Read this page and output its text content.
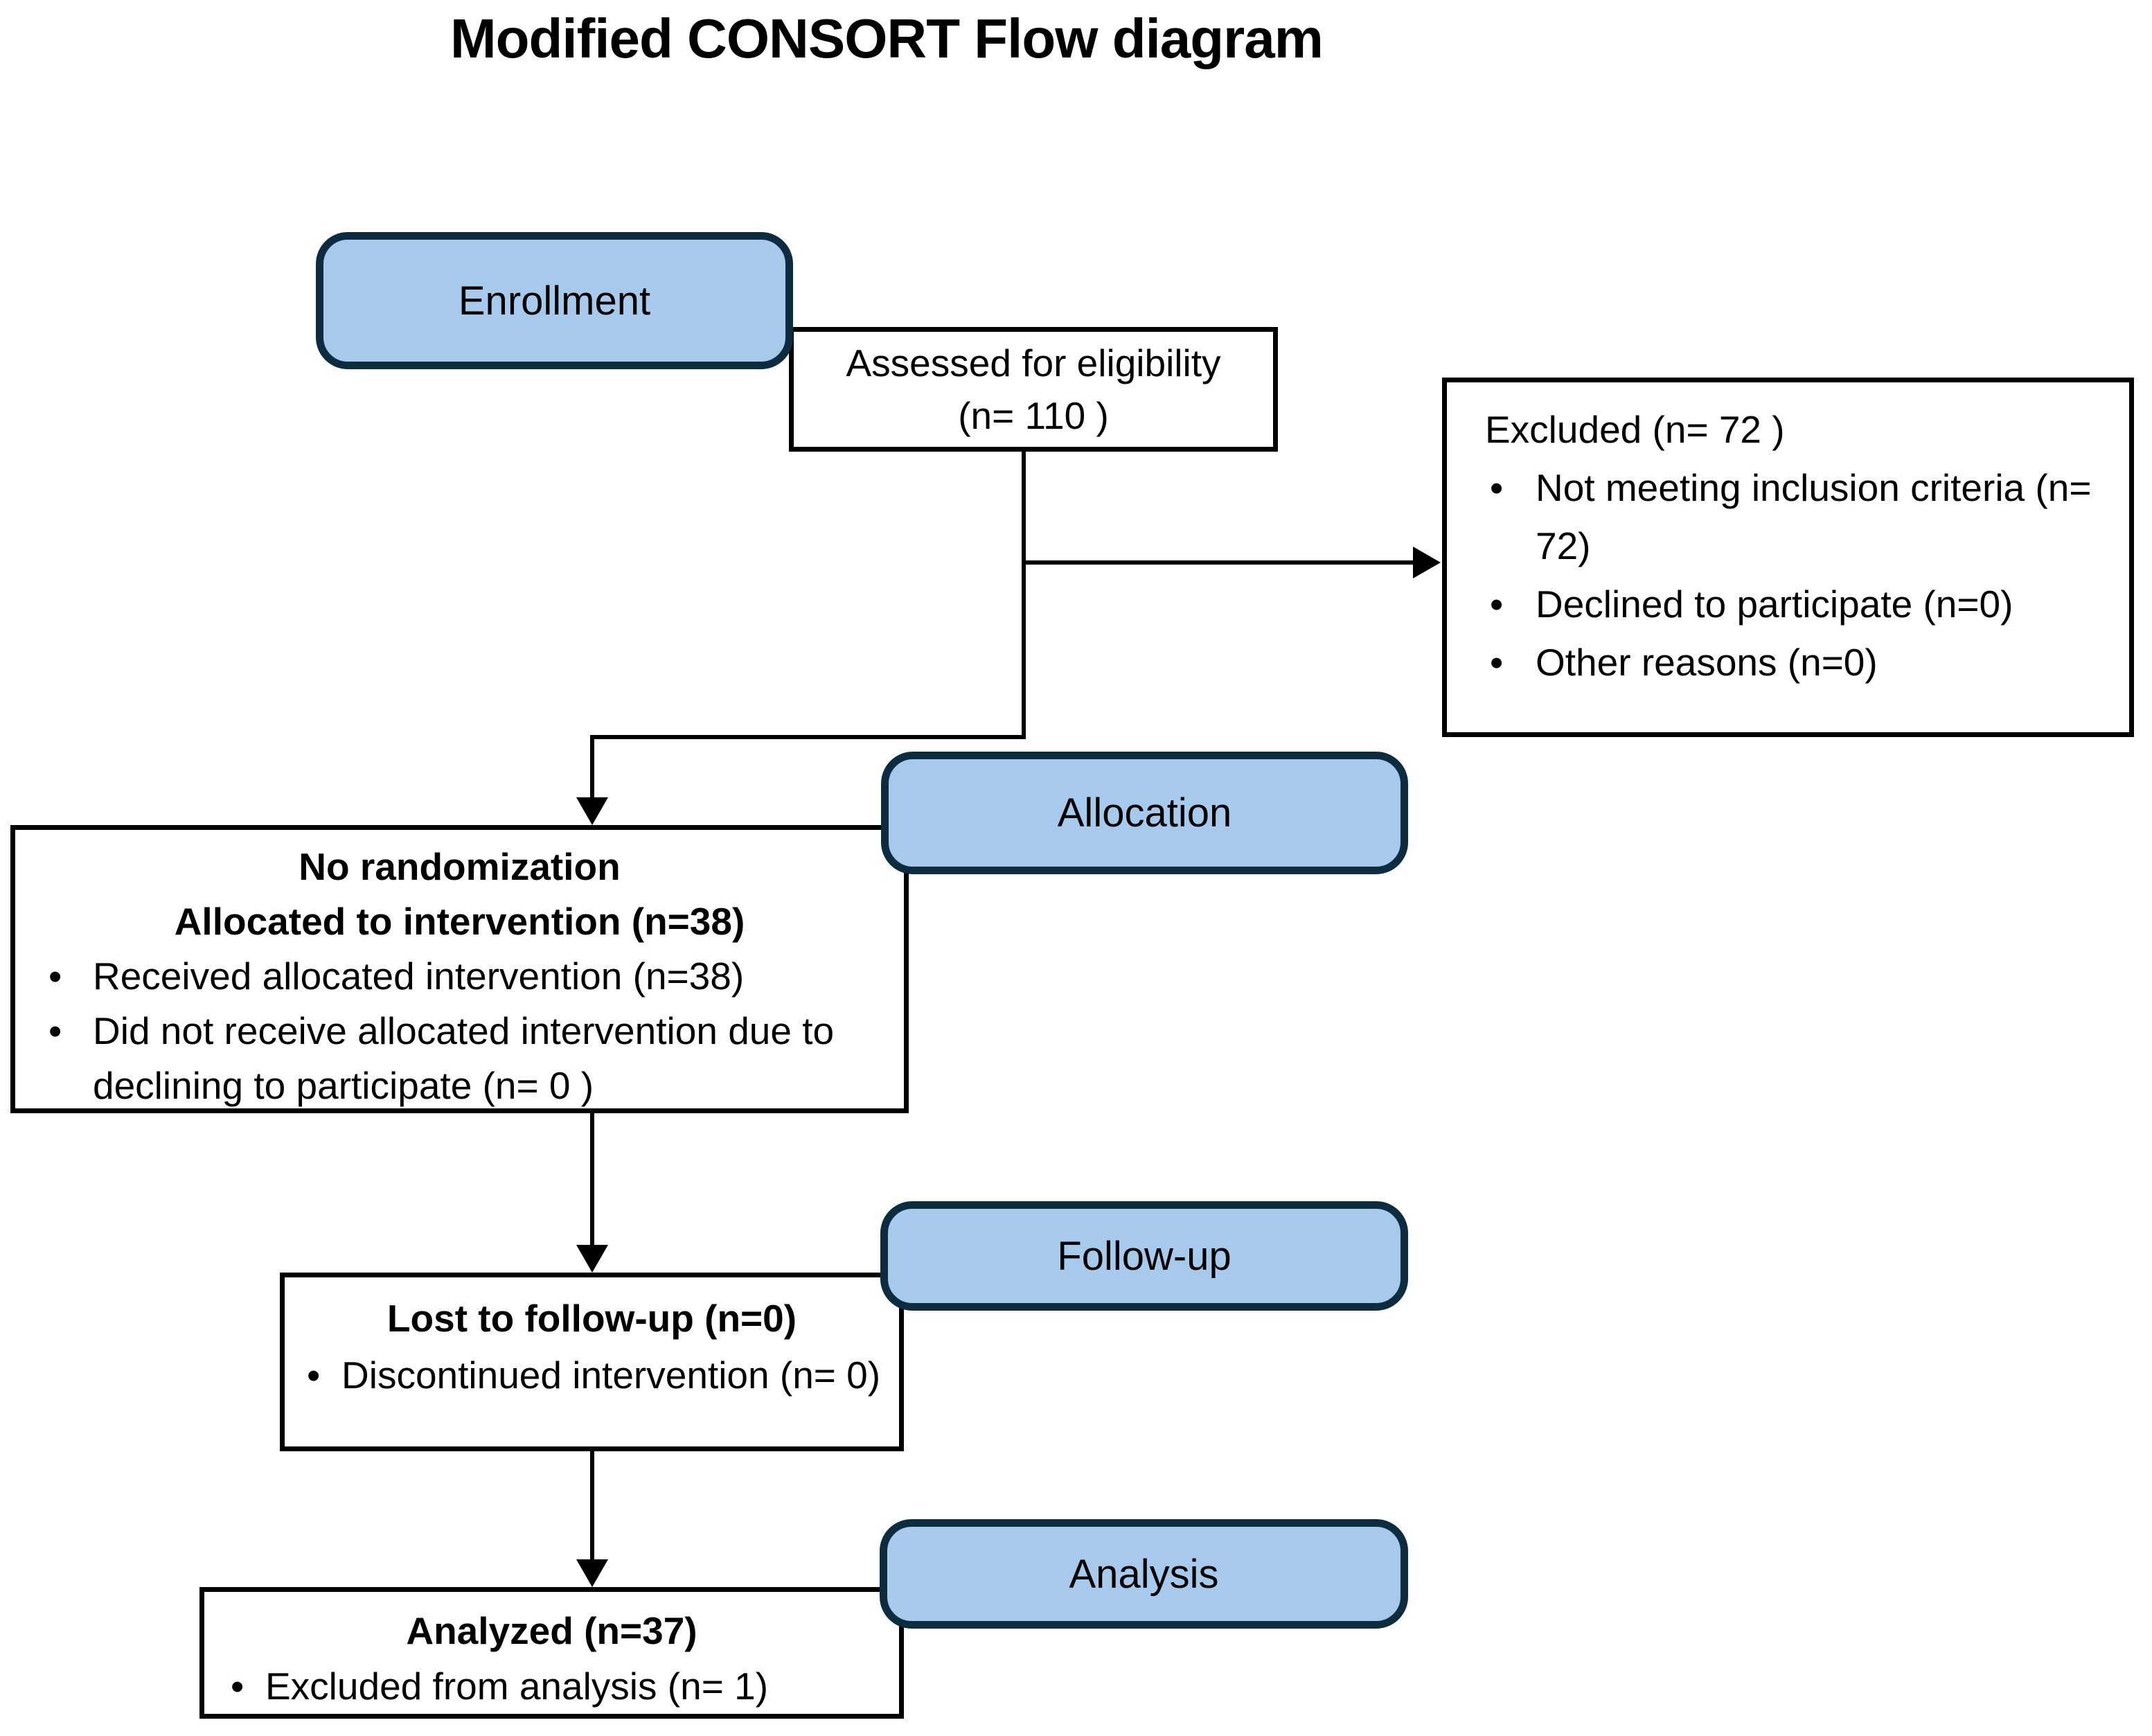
Modified CONSORT Flow diagram
Enrollment
Allocation
Follow-up
Analysis
Assessed for eligibility
(n= 110 )	Excluded (n= 72 )
• Not meeting inclusion criteria (n= 72)
• Declined to participate (n=0)
• Other reasons (n=0)
No randomization
Allocated to intervention (n=38)
• Received allocated intervention (n=38)
• Did not receive allocated intervention due to declining to participate (n= 0 )
Lost to follow-up (n=0)
• Discontinued intervention (n= 0)
Analyzed (n=37)
• Excluded from analysis (n= 1)
